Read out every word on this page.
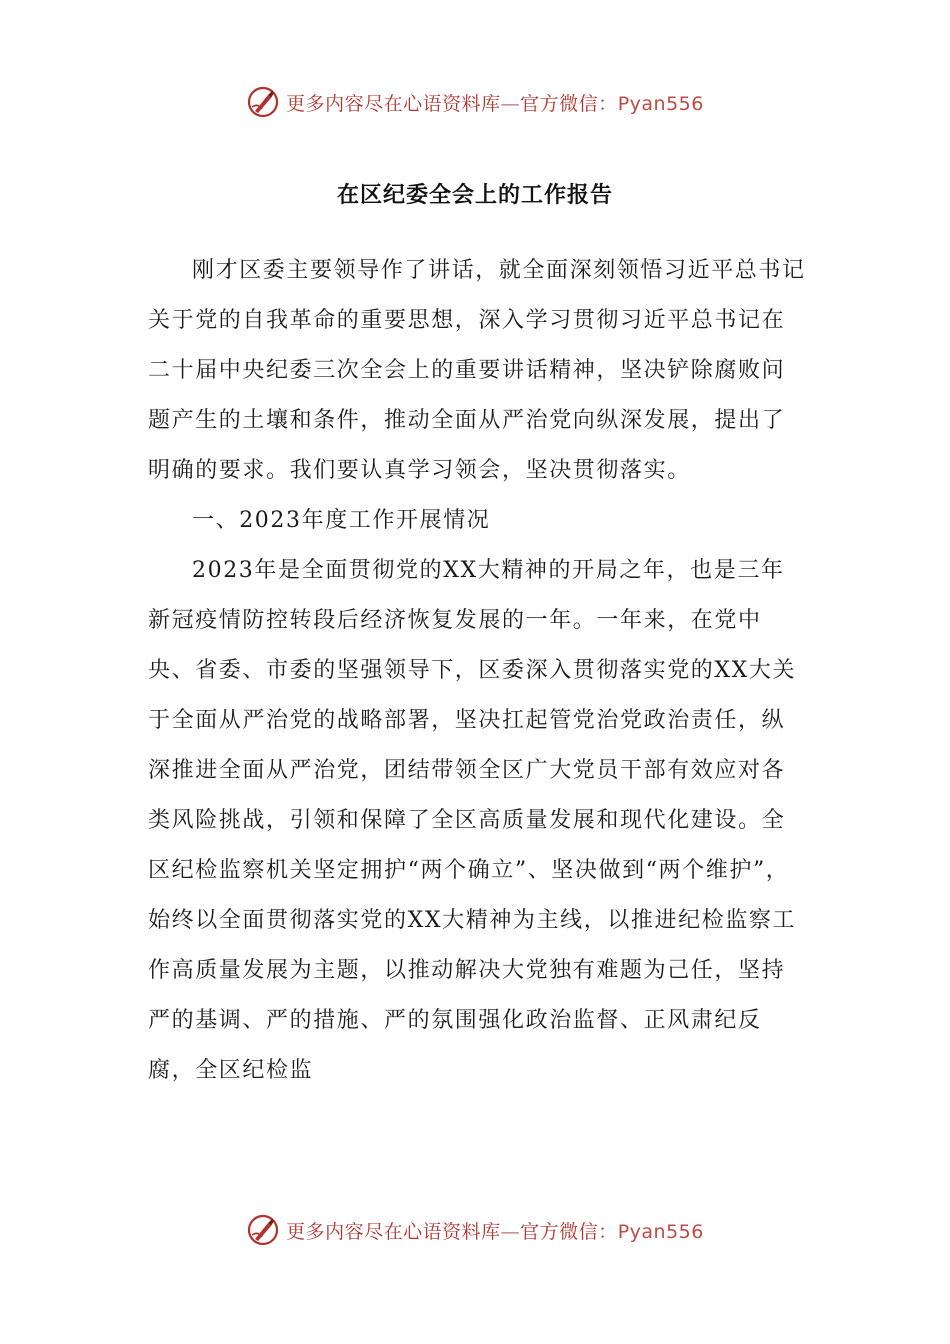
更多内容尽在心语资料库—官方微信：Pyan556
在区纪委全会上的工作报告

刚才区委主要领导作了讲话，就全面深刻领悟习近平总书记关于党的自我革命的重要思想，深入学习贯彻习近平总书记在二十届中央纪委三次全会上的重要讲话精神，坚决铲除腐败问题产生的土壤和条件，推动全面从严治党向纵深发展，提出了明确的要求。我们要认真学习领会，坚决贯彻落实。

一、2023年度工作开展情况

2023年是全面贯彻党的XX大精神的开局之年，也是三年新冠疫情防控转段后经济恢复发展的一年。一年来，在党中央、省委、市委的坚强领导下，区委深入贯彻落实党的XX大关于全面从严治党的战略部署，坚决扛起管党治党政治责任，纵深推进全面从严治党，团结带领全区广大党员干部有效应对各类风险挑战，引领和保障了全区高质量发展和现代化建设。全区纪检监察机关坚定拥护“两个确立”、坚决做到“两个维护”，始终以全面贯彻落实党的XX大精神为主线，以推进纪检监察工作高质量发展为主题，以推动解决大党独有难题为己任，坚持严的基调、严的措施、严的氛围强化政治监督、正风肃纪反腐，全区纪检监

更多内容尽在心语资料库—官方微信：Pyan556
